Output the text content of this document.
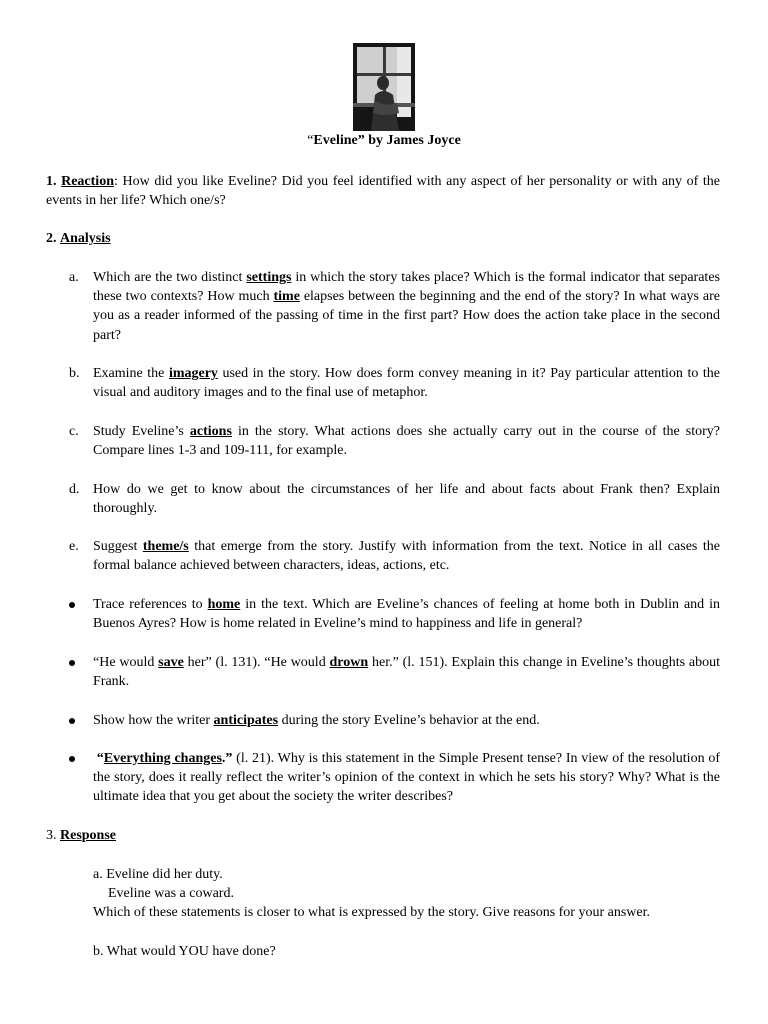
“Eveline” by James Joyce
1. Reaction: How did you like Eveline? Did you feel identified with any aspect of her personality or with any of the events in her life? Which one/s?
2. Analysis
a. Which are the two distinct settings in which the story takes place? Which is the formal indicator that separates these two contexts? How much time elapses between the beginning and the end of the story? In what ways are you as a reader informed of the passing of time in the first part? How does the action take place in the second part?
b. Examine the imagery used in the story. How does form convey meaning in it? Pay particular attention to the visual and auditory images and to the final use of metaphor.
c. Study Eveline’s actions in the story. What actions does she actually carry out in the course of the story? Compare lines 1-3 and 109-111, for example.
d. How do we get to know about the circumstances of her life and about facts about Frank then? Explain thoroughly.
e. Suggest theme/s that emerge from the story. Justify with information from the text. Notice in all cases the formal balance achieved between characters, ideas, actions, etc.
Trace references to home in the text. Which are Eveline’s chances of feeling at home both in Dublin and in Buenos Ayres? How is home related in Eveline’s mind to happiness and life in general?
“He would save her” (l. 131). “He would drown her.” (l. 151). Explain this change in Eveline’s thoughts about Frank.
Show how the writer anticipates during the story Eveline’s behavior at the end.
“Everything changes.” (l. 21). Why is this statement in the Simple Present tense? In view of the resolution of the story, does it really reflect the writer’s opinion of the context in which he sets his story? Why? What is the ultimate idea that you get about the society the writer describes?
3. Response
a. Eveline did her duty.
Eveline was a coward.
Which of these statements is closer to what is expressed by the story. Give reasons for your answer.
b. What would YOU have done?
